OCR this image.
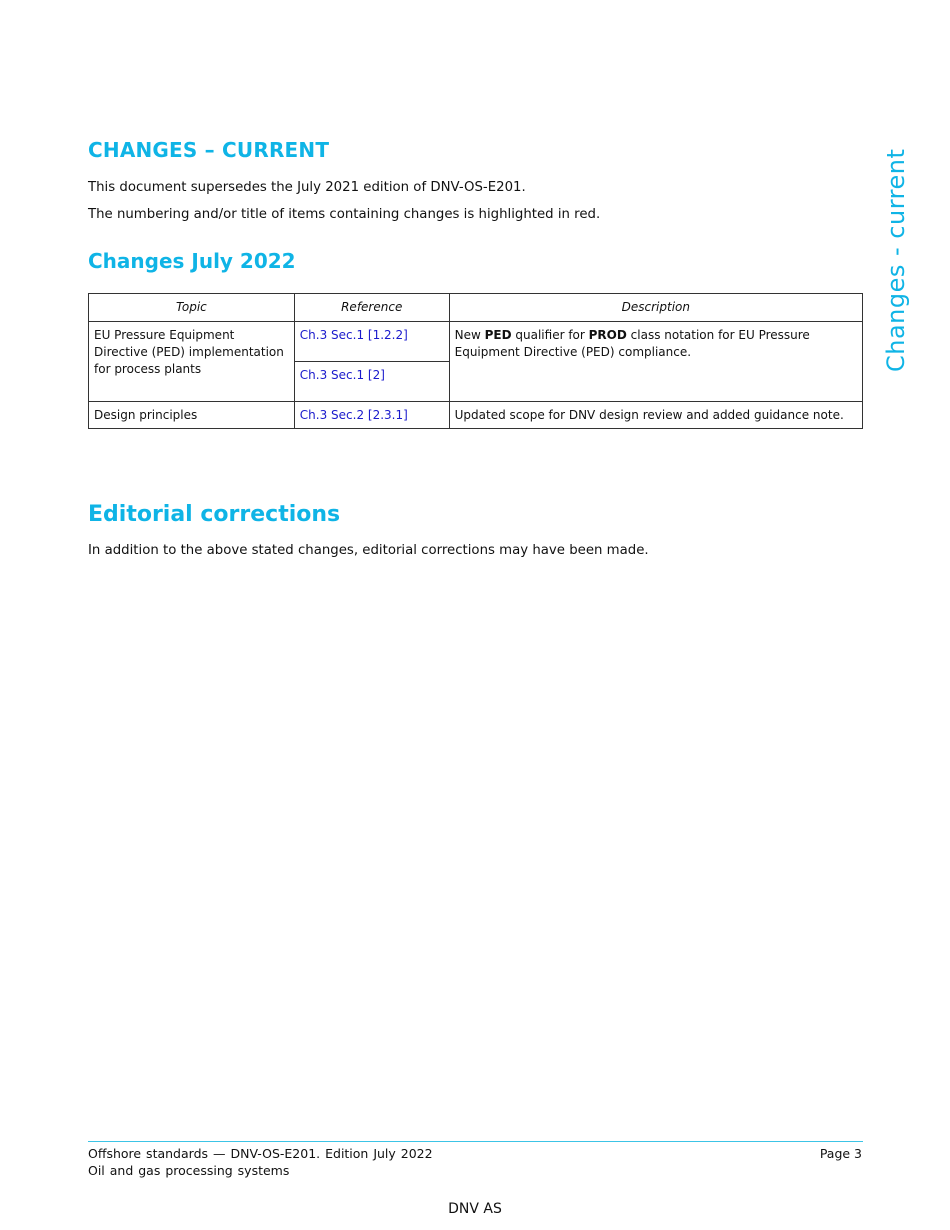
CHANGES – CURRENT

This document supersedes the July 2021 edition of DNV-OS-E201.

The numbering and/or title of items containing changes is highlighted in red.

Changes July 2022
Topic	Reference	Description
EU Pressure Equipment Directive (PED) implementation for process plants	Ch.3 Sec.1 [1.2.2]	New PED qualifier for PROD class notation for EU Pressure Equipment Directive (PED) compliance.
	Ch.3 Sec.1 [2]	
Design principles	Ch.3 Sec.2 [2.3.1]	Updated scope for DNV design review and added guidance note.
Editorial corrections

In addition to the above stated changes, editorial corrections may have been made.

Changes - current
Offshore standards — DNV-OS-E201. Edition July 2022
Oil and gas processing systems
Page 3
DNV AS
